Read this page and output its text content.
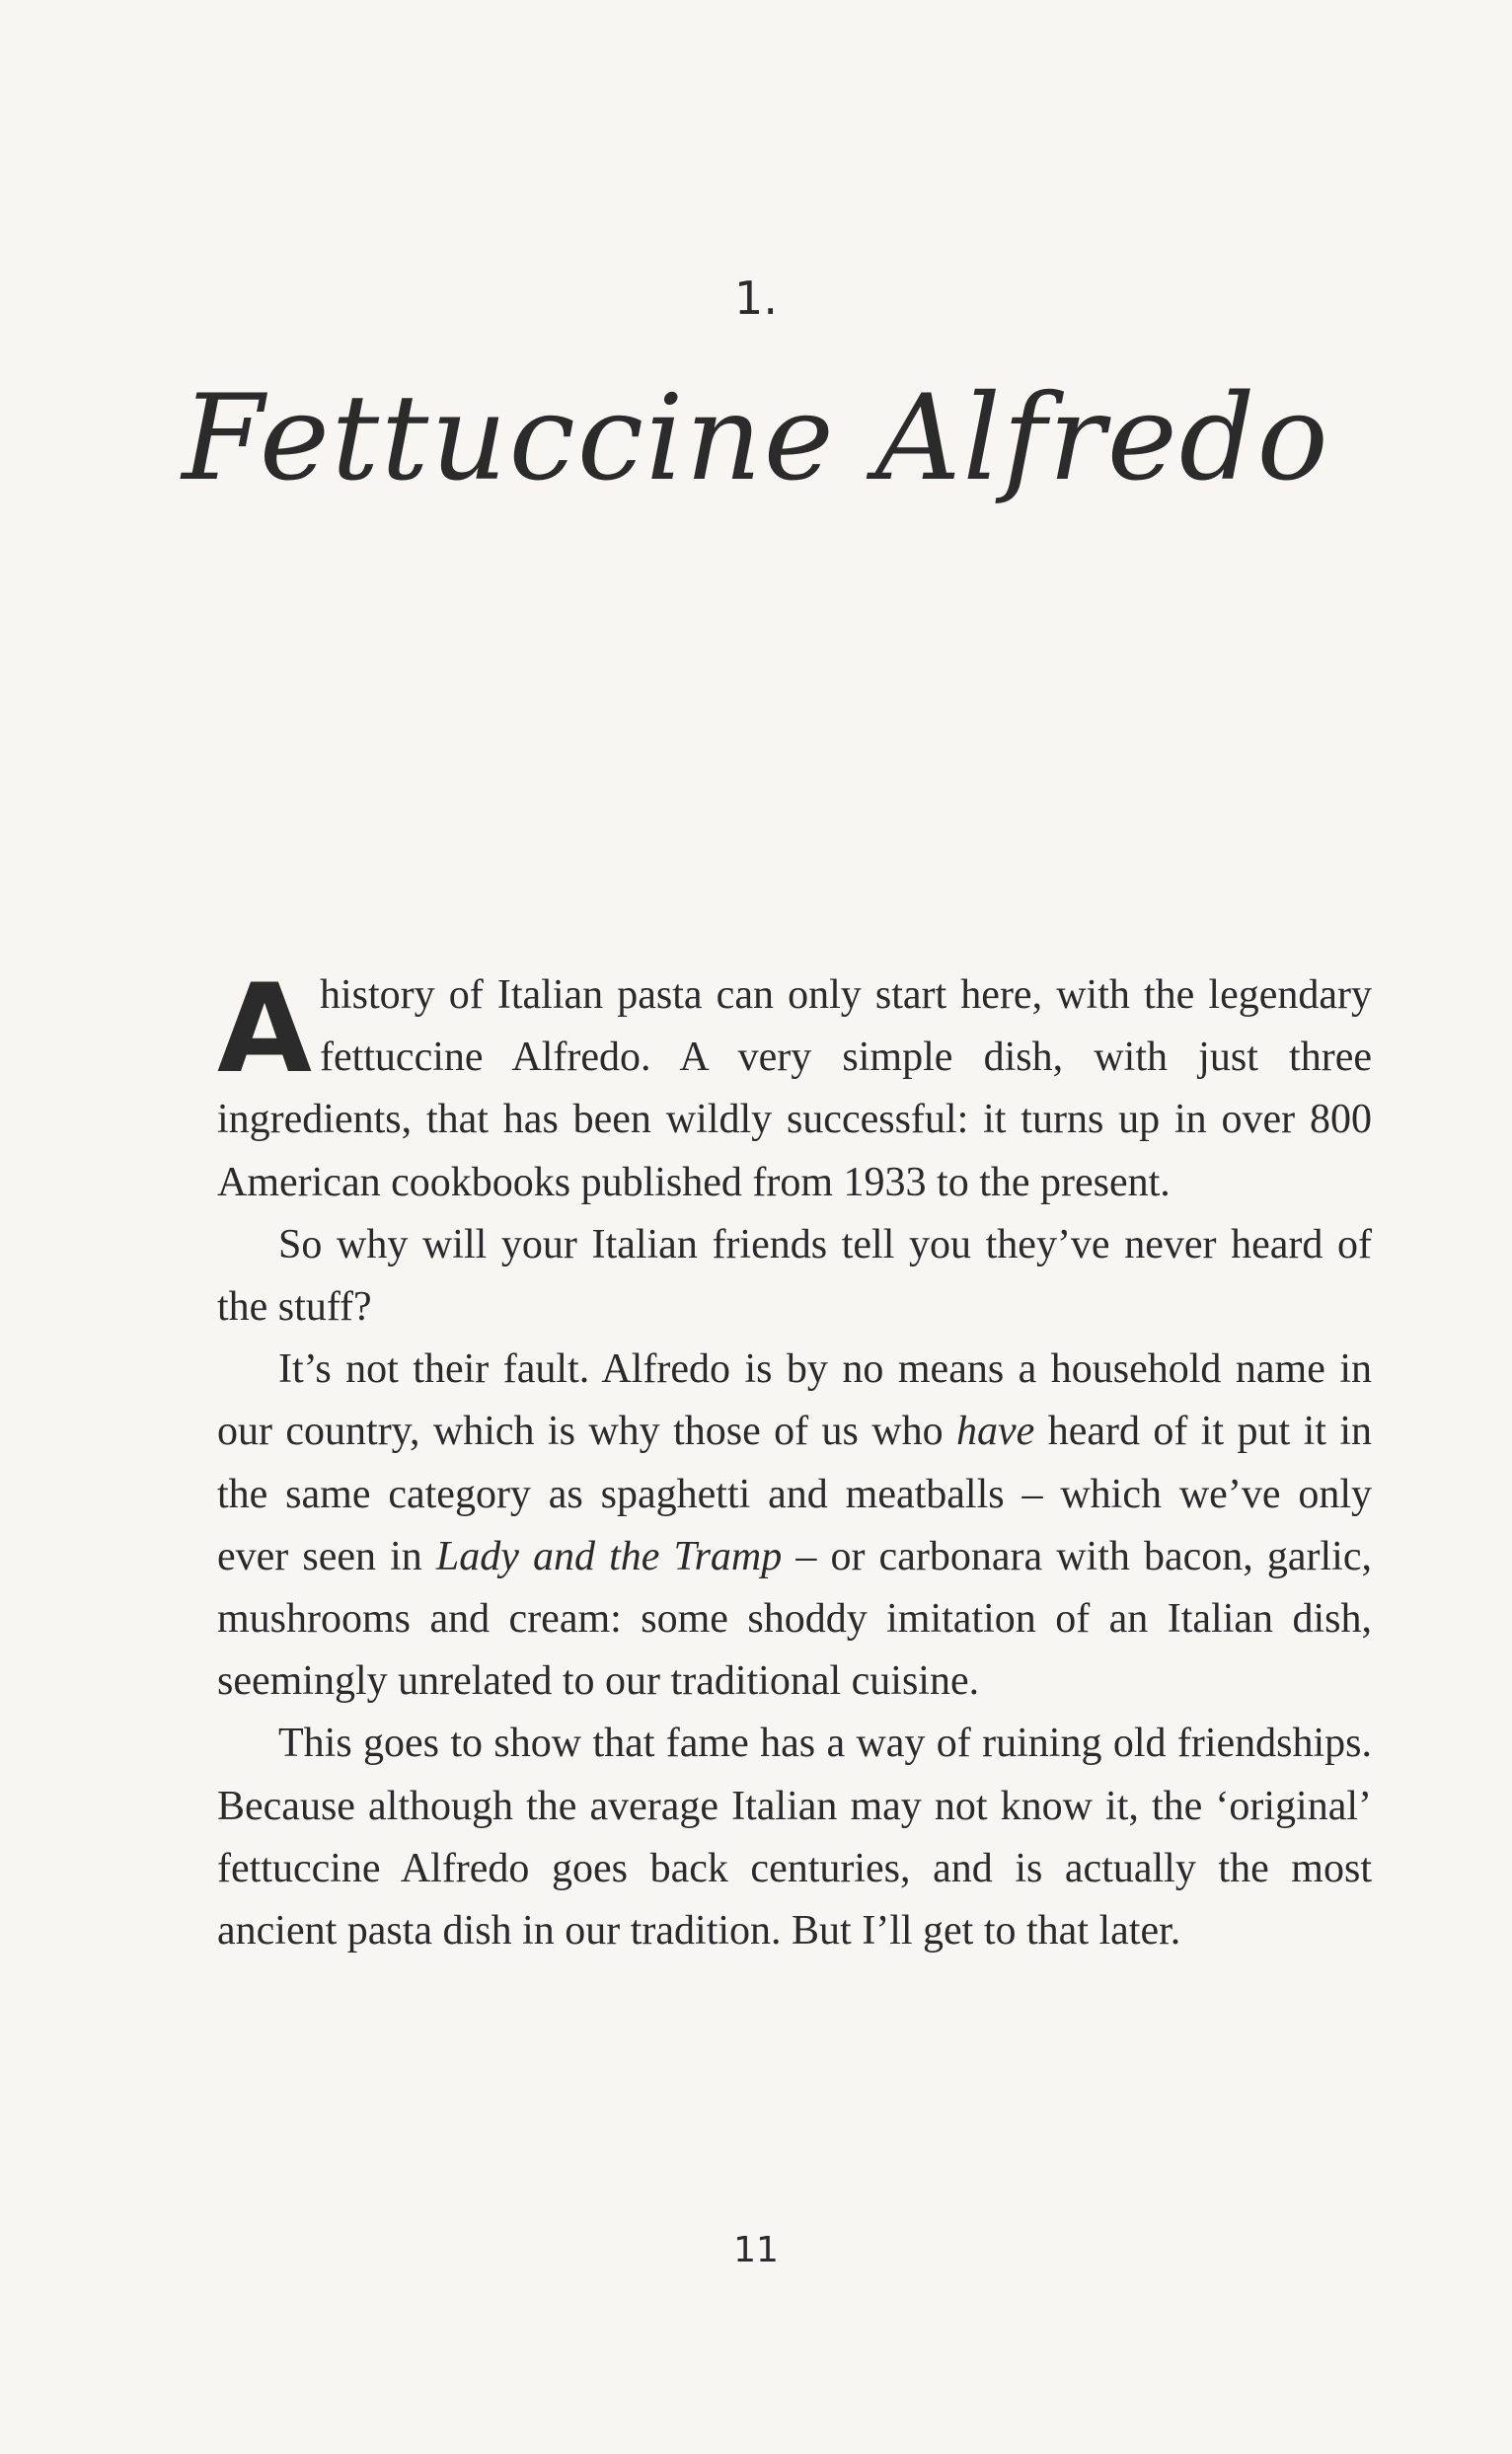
1.
Fettuccine Alfredo

A history of Italian pasta can only start here, with the legendary fettuccine Alfredo. A very simple dish, with just three ingredients, that has been wildly successful: it turns up in over 800 American cookbooks published from 1933 to the present.

So why will your Italian friends tell you they’ve never heard of the stuff?

It’s not their fault. Alfredo is by no means a household name in our country, which is why those of us who have heard of it put it in the same category as spaghetti and meatballs – which we’ve only ever seen in Lady and the Tramp – or carbonara with bacon, garlic, mushrooms and cream: some shoddy imitation of an Italian dish, seemingly unrelated to our traditional cuisine.

This goes to show that fame has a way of ruining old friendships. Because although the average Italian may not know it, the ‘original’ fettuccine Alfredo goes back centuries, and is actually the most ancient pasta dish in our tradition. But I’ll get to that later.

11
